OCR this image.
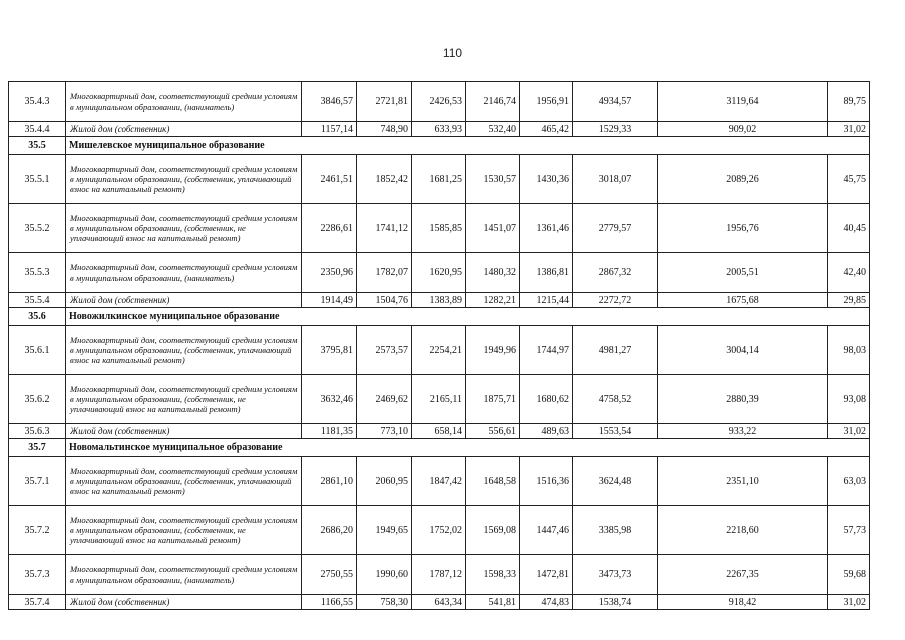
110
35.4.3	Многоквартирный дом, соответствующий средним условиям в муниципальном образовании, (наниматель)	3846,57	2721,81	2426,53	2146,74	1956,91	4934,57	3119,64	89,75
35.4.4	Жилой дом (собственник)	1157,14	748,90	633,93	532,40	465,42	1529,33	909,02	31,02
35.5	Мишелевское муниципальное образование								
35.5.1	Многоквартирный дом, соответствующий средним условиям в муниципальном образовании, (собственник, уплачивающий взнос на капитальный ремонт)	2461,51	1852,42	1681,25	1530,57	1430,36	3018,07	2089,26	45,75
35.5.2	Многоквартирный дом, соответствующий средним условиям в муниципальном образовании, (собственник, не уплачивающий взнос на капитальный ремонт)	2286,61	1741,12	1585,85	1451,07	1361,46	2779,57	1956,76	40,45
35.5.3	Многоквартирный дом, соответствующий средним условиям в муниципальном образовании, (наниматель)	2350,96	1782,07	1620,95	1480,32	1386,81	2867,32	2005,51	42,40
35.5.4	Жилой дом (собственник)	1914,49	1504,76	1383,89	1282,21	1215,44	2272,72	1675,68	29,85
35.6	Новожилкинское муниципальное образование								
35.6.1	Многоквартирный дом, соответствующий средним условиям в муниципальном образовании, (собственник, уплачивающий взнос на капитальный ремонт)	3795,81	2573,57	2254,21	1949,96	1744,97	4981,27	3004,14	98,03
35.6.2	Многоквартирный дом, соответствующий средним условиям в муниципальном образовании, (собственник, не уплачивающий взнос на капитальный ремонт)	3632,46	2469,62	2165,11	1875,71	1680,62	4758,52	2880,39	93,08
35.6.3	Жилой дом (собственник)	1181,35	773,10	658,14	556,61	489,63	1553,54	933,22	31,02
35.7	Новомальтинское муниципальное образование								
35.7.1	Многоквартирный дом, соответствующий средним условиям в муниципальном образовании, (собственник, уплачивающий взнос на капитальный ремонт)	2861,10	2060,95	1847,42	1648,58	1516,36	3624,48	2351,10	63,03
35.7.2	Многоквартирный дом, соответствующий средним условиям в муниципальном образовании, (собственник, не уплачивающий взнос на капитальный ремонт)	2686,20	1949,65	1752,02	1569,08	1447,46	3385,98	2218,60	57,73
35.7.3	Многоквартирный дом, соответствующий средним условиям в муниципальном образовании, (наниматель)	2750,55	1990,60	1787,12	1598,33	1472,81	3473,73	2267,35	59,68
35.7.4	Жилой дом (собственник)	1166,55	758,30	643,34	541,81	474,83	1538,74	918,42	31,02
